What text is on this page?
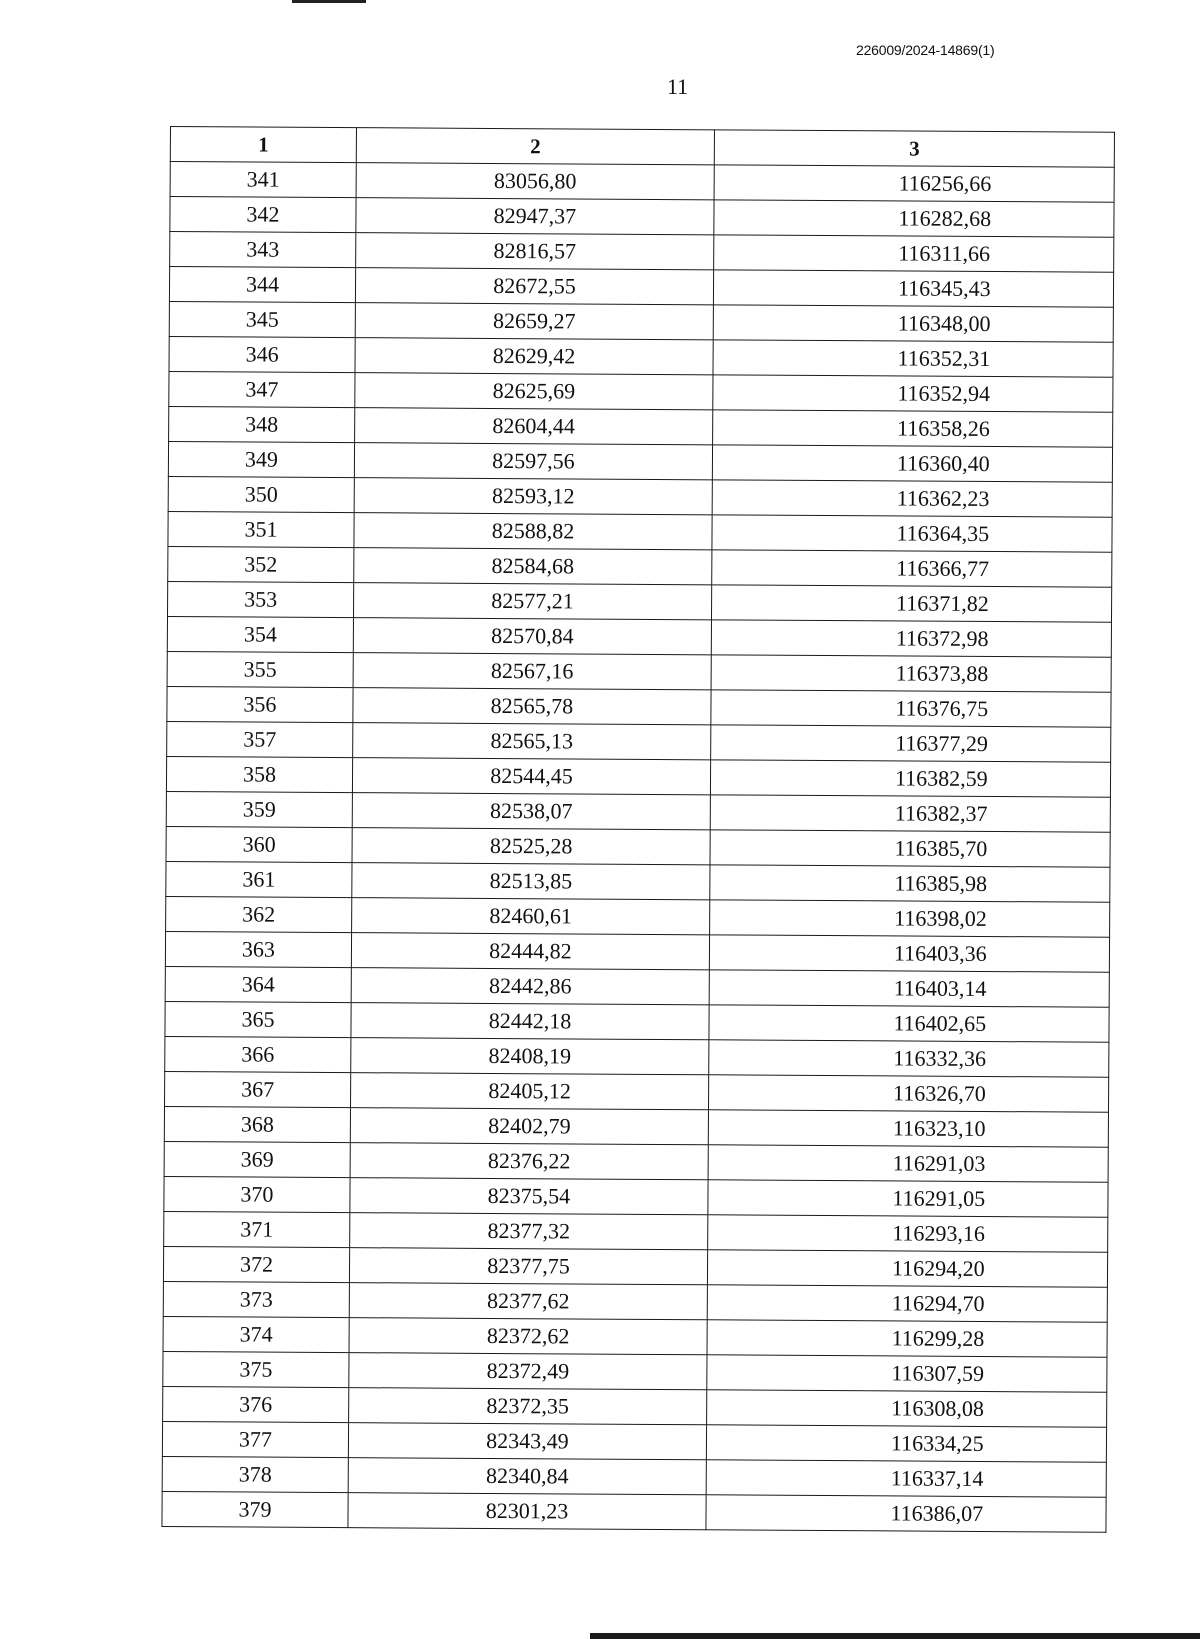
226009/2024-14869(1)
11
1	2	3
341	83056,80	116256,66
342	82947,37	116282,68
343	82816,57	116311,66
344	82672,55	116345,43
345	82659,27	116348,00
346	82629,42	116352,31
347	82625,69	116352,94
348	82604,44	116358,26
349	82597,56	116360,40
350	82593,12	116362,23
351	82588,82	116364,35
352	82584,68	116366,77
353	82577,21	116371,82
354	82570,84	116372,98
355	82567,16	116373,88
356	82565,78	116376,75
357	82565,13	116377,29
358	82544,45	116382,59
359	82538,07	116382,37
360	82525,28	116385,70
361	82513,85	116385,98
362	82460,61	116398,02
363	82444,82	116403,36
364	82442,86	116403,14
365	82442,18	116402,65
366	82408,19	116332,36
367	82405,12	116326,70
368	82402,79	116323,10
369	82376,22	116291,03
370	82375,54	116291,05
371	82377,32	116293,16
372	82377,75	116294,20
373	82377,62	116294,70
374	82372,62	116299,28
375	82372,49	116307,59
376	82372,35	116308,08
377	82343,49	116334,25
378	82340,84	116337,14
379	82301,23	116386,07
